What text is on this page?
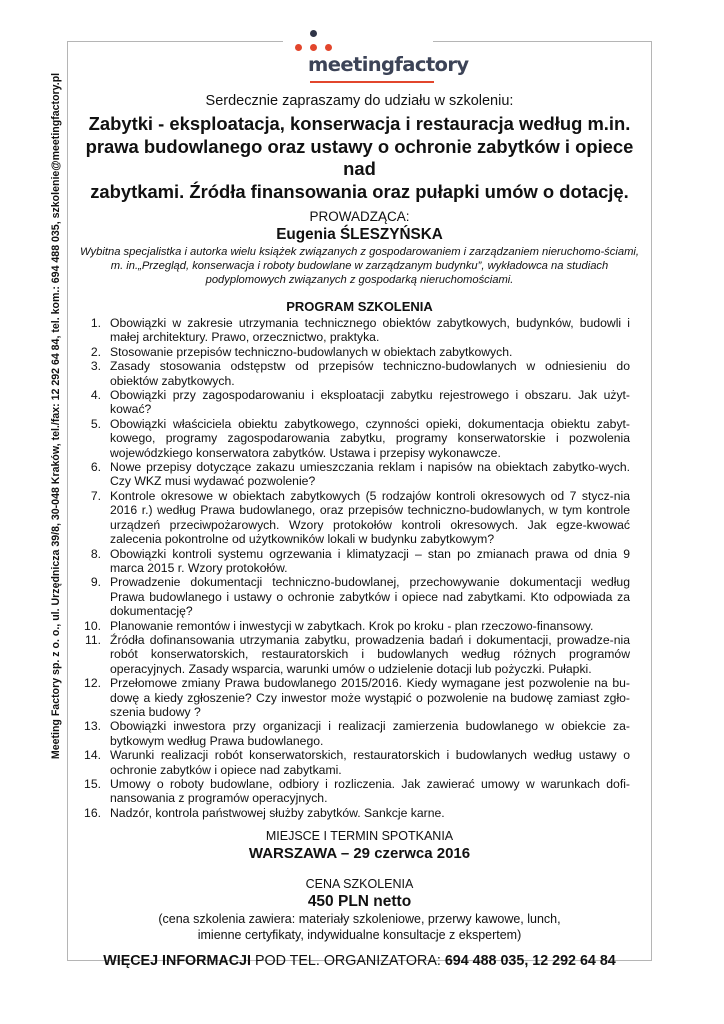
Meeting Factory sp. z o. o., ul. Urzędnicza 39/8, 30-048 Kraków, tel./fax: 12 292 64 84, tel. kom.: 694 488 035, szkolenie@meetingfactory.pl
meetingfactory
Serdecznie zapraszamy do udziału w szkoleniu:
Zabytki - eksploatacja, konserwacja i restauracja według m.in.
prawa budowlanego oraz ustawy o ochronie zabytków i opiece nad
zabytkami. Źródła finansowania oraz pułapki umów o dotację.
PROWADZĄCA:
Eugenia ŚLESZYŃSKA
Wybitna specjalistka i autorka wielu książek związanych z gospodarowaniem i zarządzaniem nieruchomo-ściami, m. in.„Przegląd, konserwacja i roboty budowlane w zarządzanym budynku”, wykładowca na studiach podyplomowych związanych z gospodarką nieruchomościami.
PROGRAM SZKOLENIA
1. Obowiązki w zakresie utrzymania technicznego obiektów zabytkowych, budynków, budowli i małej architektury. Prawo, orzecznictwo, praktyka.
2. Stosowanie przepisów techniczno-budowlanych w obiektach zabytkowych.
3. Zasady stosowania odstępstw od przepisów techniczno-budowlanych w odniesieniu do obiektów zabytkowych.
4. Obowiązki przy zagospodarowaniu i eksploatacji zabytku rejestrowego i obszaru. Jak użyt-kować?
5. Obowiązki właściciela obiektu zabytkowego, czynności opieki, dokumentacja obiektu zabyt-kowego, programy zagospodarowania zabytku, programy konserwatorskie i pozwolenia wojewódzkiego konserwatora zabytków. Ustawa i przepisy wykonawcze.
6. Nowe przepisy dotyczące zakazu umieszczania reklam i napisów na obiektach zabytko-wych. Czy WKZ musi wydawać pozwolenie?
7. Kontrole okresowe w obiektach zabytkowych (5 rodzajów kontroli okresowych od 7 stycz-nia 2016 r.) według Prawa budowlanego, oraz przepisów techniczno-budowlanych, w tym kontrole urządzeń przeciwpożarowych. Wzory protokołów kontroli okresowych. Jak egze-kwować zalecenia pokontrolne od użytkowników lokali w budynku zabytkowym?
8. Obowiązki kontroli systemu ogrzewania i klimatyzacji – stan po zmianach prawa od dnia 9 marca 2015 r. Wzory protokołów.
9. Prowadzenie dokumentacji techniczno-budowlanej, przechowywanie dokumentacji według Prawa budowlanego i ustawy o ochronie zabytków i opiece nad zabytkami. Kto odpowiada za dokumentację?
10. Planowanie remontów i inwestycji w zabytkach. Krok po kroku - plan rzeczowo-finansowy.
11. Źródła dofinansowania utrzymania zabytku, prowadzenia badań i dokumentacji, prowadze-nia robót konserwatorskich, restauratorskich i budowlanych według różnych programów operacyjnych. Zasady wsparcia, warunki umów o udzielenie dotacji lub pożyczki. Pułapki.
12. Przełomowe zmiany Prawa budowlanego 2015/2016. Kiedy wymagane jest pozwolenie na bu-dowę a kiedy zgłoszenie? Czy inwestor może wystąpić o pozwolenie na budowę zamiast zgło-szenia budowy ?
13. Obowiązki inwestora przy organizacji i realizacji zamierzenia budowlanego w obiekcie za-bytkowym według Prawa budowlanego.
14. Warunki realizacji robót konserwatorskich, restauratorskich i budowlanych według ustawy o ochronie zabytków i opiece nad zabytkami.
15. Umowy o roboty budowlane, odbiory i rozliczenia. Jak zawierać umowy w warunkach dofi-nansowania z programów operacyjnych.
16. Nadzór, kontrola państwowej służby zabytków. Sankcje karne.
MIEJSCE I TERMIN SPOTKANIA
WARSZAWA – 29 czerwca 2016
CENA SZKOLENIA
450 PLN netto
(cena szkolenia zawiera: materiały szkoleniowe, przerwy kawowe, lunch,
imienne certyfikaty, indywidualne konsultacje z ekspertem)
WIĘCEJ INFORMACJI POD TEL. ORGANIZATORA: 694 488 035, 12 292 64 84
